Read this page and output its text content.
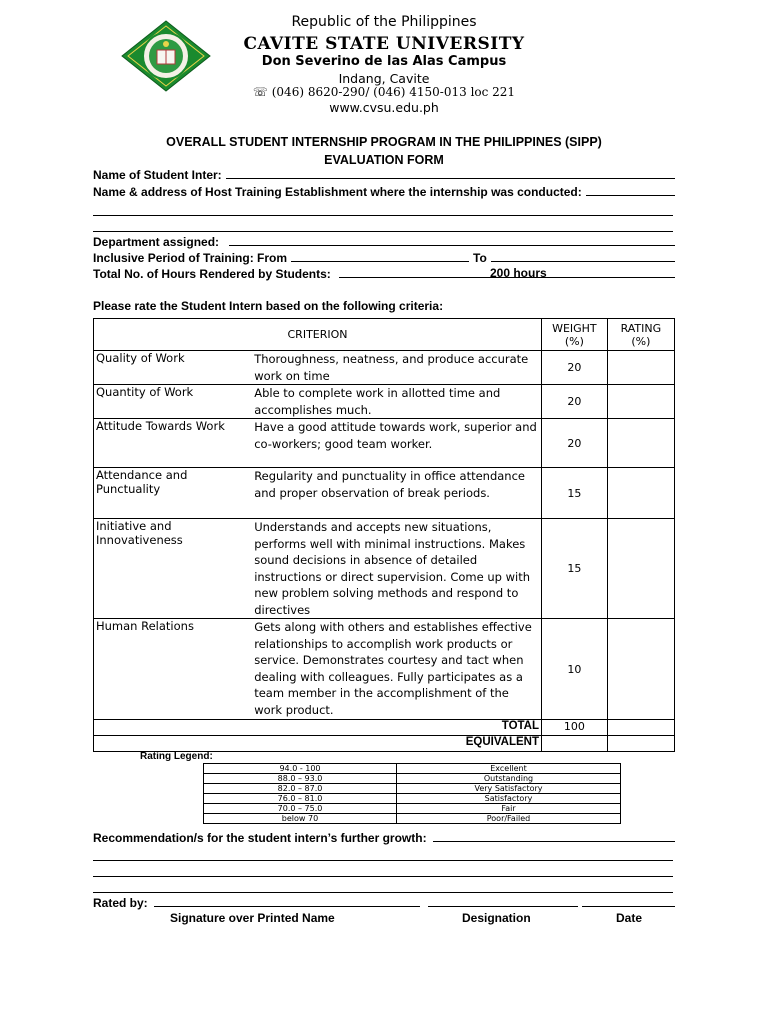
Republic of the Philippines
CAVITE STATE UNIVERSITY
Don Severino de las Alas Campus
Indang, Cavite
☏ (046) 8620-290/ (046) 4150-013 loc 221
www.cvsu.edu.ph
OVERALL STUDENT INTERNSHIP PROGRAM IN THE PHILIPPINES (SIPP)
EVALUATION FORM
Name of Student Inter:
Name & address of Host Training Establishment where the internship was conducted:
Department assigned:
Inclusive Period of Training: From	To
Total No. of Hours Rendered by Students:	200 hours
Please rate the Student Intern based on the following criteria:
CRITERION		WEIGHT (%)	RATING (%)
Quality of Work	Thoroughness, neatness, and produce accurate work on time	20	
Quantity of Work	Able to complete work in allotted time and accomplishes much.	20	
Attitude Towards Work	Have a good attitude towards work, superior and co-workers; good team worker.	20	
Attendance and Punctuality	Regularity and punctuality in office attendance and proper observation of break periods.	15	
Initiative and Innovativeness	Understands and accepts new situations, performs well with minimal instructions. Makes sound decisions in absence of detailed instructions or direct supervision. Come up with new problem solving methods and respond to directives	15	
Human Relations	Gets along with others and establishes effective relationships to accomplish work products or service. Demonstrates courtesy and tact when dealing with colleagues. Fully participates as a team member in the accomplishment of the work product.	10	
TOTAL		100	
EQUIVALENT			
Rating Legend:
94.0 - 100	Excellent
88.0 – 93.0	Outstanding
82.0 – 87.0	Very Satisfactory
76.0 – 81.0	Satisfactory
70.0 – 75.0	Fair
below 70	Poor/Failed
Recommendation/s for the student intern’s further growth:
Rated by:
Signature over Printed Name	Designation	Date
